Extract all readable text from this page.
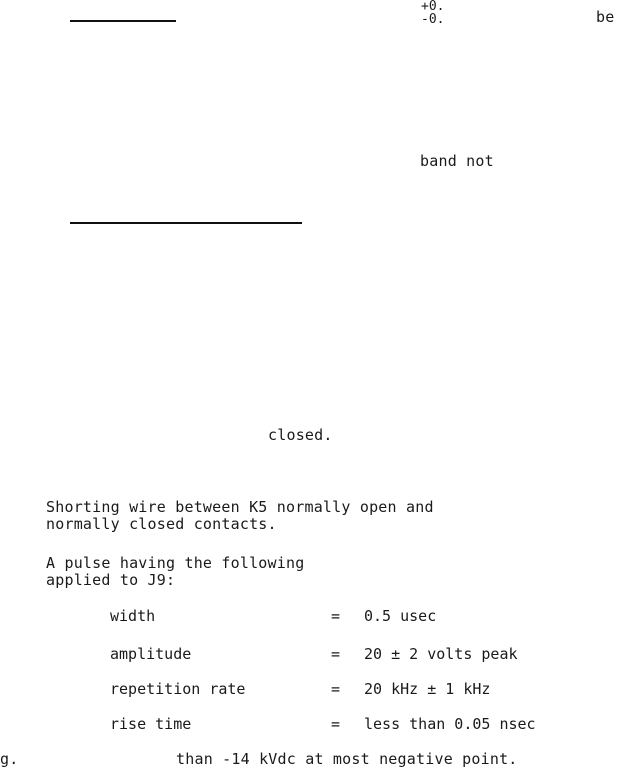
+0.
-0.	be
band not
closed.
Shorting wire between K5 normally open and
normally closed contacts.
A pulse having the following
applied to J9:
width	= 0.5 usec
amplitude	= 20 ± 2 volts peak
repetition rate	= 20 kHz ± 1 kHz
rise time	= less than 0.05 nsec
g.	than -14 kVdc at most negative point.
